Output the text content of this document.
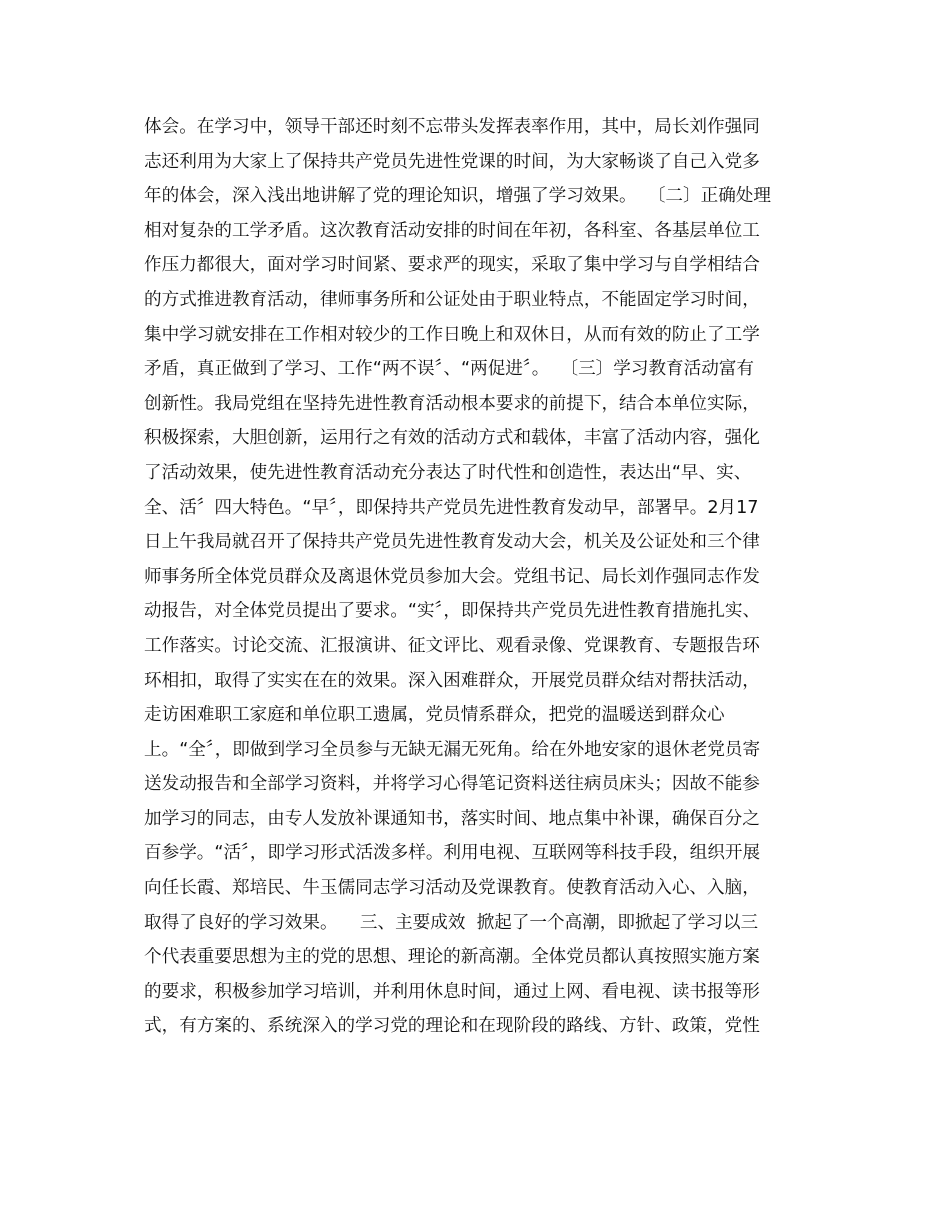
体会。在学习中，领导干部还时刻不忘带头发挥表率作用，其中，局长刘作强同
志还利用为大家上了保持共产党员先进性党课的时间，为大家畅谈了自己入党多
年的体会，深入浅出地讲解了党的理论知识，增强了学习效果。  〔二〕正确处理
相对复杂的工学矛盾。这次教育活动安排的时间在年初，各科室、各基层单位工
作压力都很大，面对学习时间紧、要求严的现实，采取了集中学习与自学相结合
的方式推进教育活动，律师事务所和公证处由于职业特点，不能固定学习时间，
集中学习就安排在工作相对较少的工作日晚上和双休日，从而有效的防止了工学
矛盾，真正做到了学习、工作“两不误〞、“两促进〞。  〔三〕学习教育活动富有
创新性。我局党组在坚持先进性教育活动根本要求的前提下，结合本单位实际，
积极探索，大胆创新，运用行之有效的活动方式和载体，丰富了活动内容，强化
了活动效果，使先进性教育活动充分表达了时代性和创造性，表达出“早、实、
全、活〞四大特色。“早〞，即保持共产党员先进性教育发动早，部署早。2月17
日上午我局就召开了保持共产党员先进性教育发动大会，机关及公证处和三个律
师事务所全体党员群众及离退休党员参加大会。党组书记、局长刘作强同志作发
动报告，对全体党员提出了要求。“实〞，即保持共产党员先进性教育措施扎实、
工作落实。讨论交流、汇报演讲、征文评比、观看录像、党课教育、专题报告环
环相扣，取得了实实在在的效果。深入困难群众，开展党员群众结对帮扶活动，
走访困难职工家庭和单位职工遗属，党员情系群众，把党的温暖送到群众心
上。“全〞，即做到学习全员参与无缺无漏无死角。给在外地安家的退休老党员寄
送发动报告和全部学习资料，并将学习心得笔记资料送往病员床头；因故不能参
加学习的同志，由专人发放补课通知书，落实时间、地点集中补课，确保百分之
百参学。“活〞，即学习形式活泼多样。利用电视、互联网等科技手段，组织开展
向任长霞、郑培民、牛玉儒同志学习活动及党课教育。使教育活动入心、入脑，
取得了良好的学习效果。    三、主要成效  掀起了一个高潮，即掀起了学习以三
个代表重要思想为主的党的思想、理论的新高潮。全体党员都认真按照实施方案
的要求，积极参加学习培训，并利用休息时间，通过上网、看电视、读书报等形
式，有方案的、系统深入的学习党的理论和在现阶段的路线、方针、政策，党性
